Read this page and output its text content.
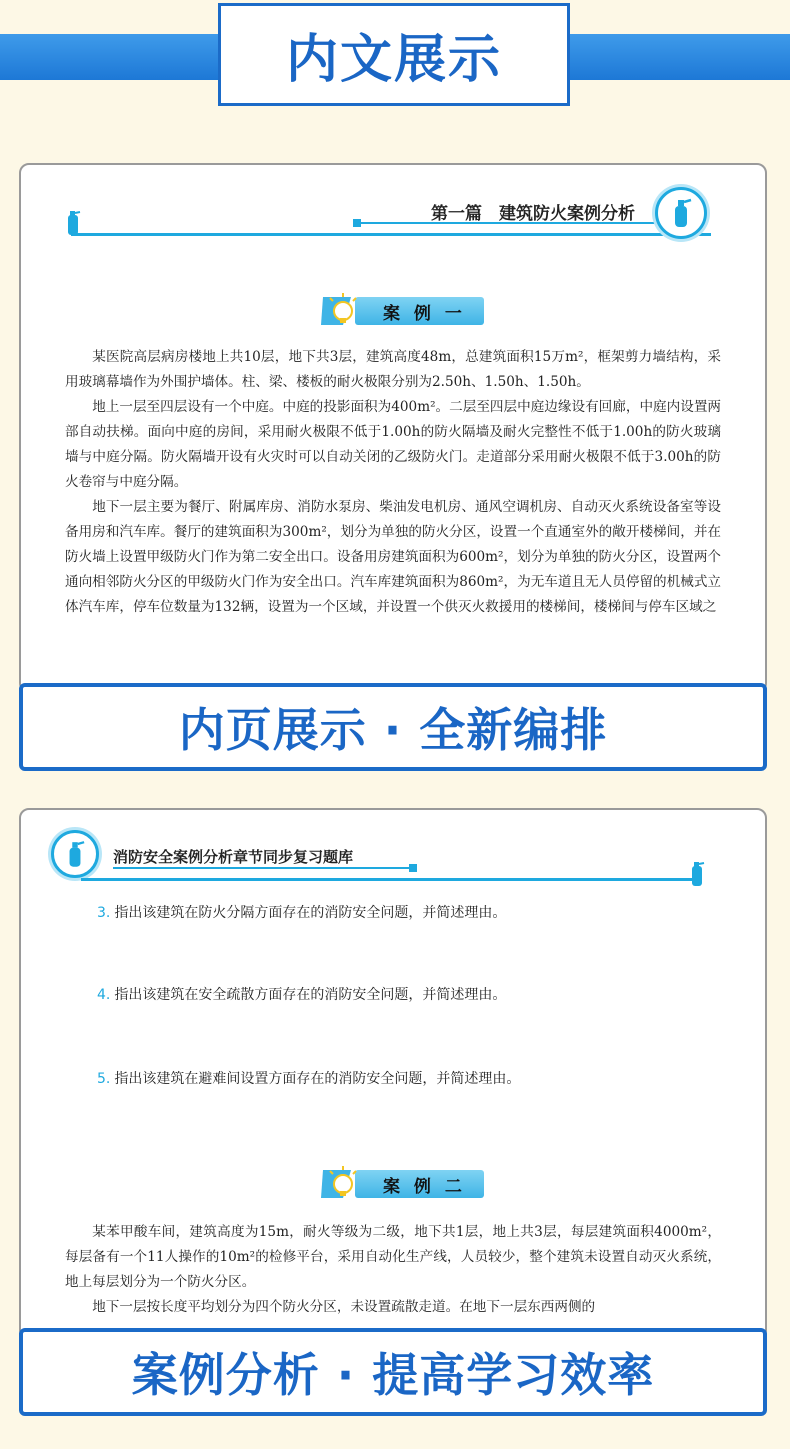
内文展示
第一篇　建筑防火案例分析
案 例 一

某医院高层病房楼地上共10层，地下共3层，建筑高度48m，总建筑面积15万m²，框架剪力墙结构，采用玻璃幕墙作为外围护墙体。柱、梁、楼板的耐火极限分别为2.50h、1.50h、1.50h。

地上一层至四层设有一个中庭。中庭的投影面积为400m²。二层至四层中庭边缘设有回廊，中庭内设置两部自动扶梯。面向中庭的房间，采用耐火极限不低于1.00h的防火隔墙及耐火完整性不低于1.00h的防火玻璃墙与中庭分隔。防火隔墙开设有火灾时可以自动关闭的乙级防火门。走道部分采用耐火极限不低于3.00h的防火卷帘与中庭分隔。

地下一层主要为餐厅、附属库房、消防水泵房、柴油发电机房、通风空调机房、自动灭火系统设备室等设备用房和汽车库。餐厅的建筑面积为300m²，划分为单独的防火分区，设置一个直通室外的敞开楼梯间，并在防火墙上设置甲级防火门作为第二安全出口。设备用房建筑面积为600m²，划分为单独的防火分区，设置两个通向相邻防火分区的甲级防火门作为安全出口。汽车库建筑面积为860m²，为无车道且无人员停留的机械式立体汽车库，停车位数量为132辆，设置为一个区域，并设置一个供灭火救援用的楼梯间，楼梯间与停车区域之

内页展示 · 全新编排
消防安全案例分析章节同步复习题库
3. 指出该建筑在防火分隔方面存在的消防安全问题，并简述理由。
4. 指出该建筑在安全疏散方面存在的消防安全问题，并简述理由。
5. 指出该建筑在避难间设置方面存在的消防安全问题，并简述理由。
案 例 二

某苯甲酸车间，建筑高度为15m，耐火等级为二级，地下共1层，地上共3层，每层建筑面积4000m²，每层备有一个11人操作的10m²的检修平台，采用自动化生产线，人员较少，整个建筑未设置自动灭火系统，地上每层划分为一个防火分区。

地下一层按长度平均划分为四个防火分区，未设置疏散走道。在地下一层东西两侧的

案例分析 · 提高学习效率
